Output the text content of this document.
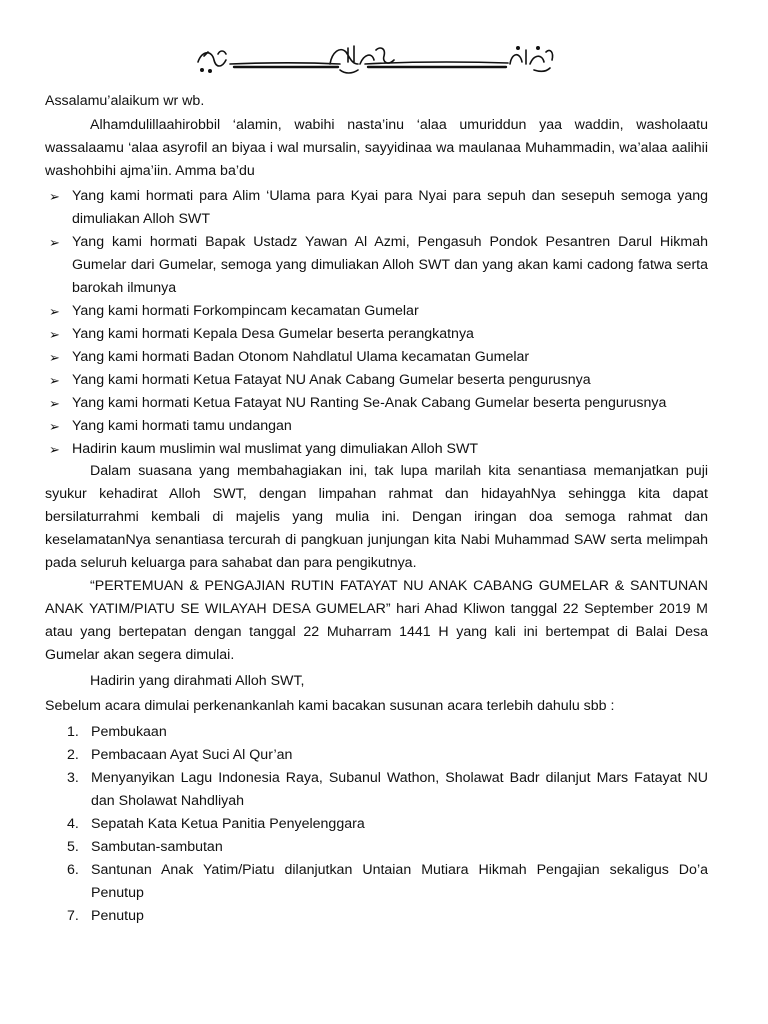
Assalamu’alaikum wr wb.
Alhamdulillaahirobbil ‘alamin, wabihi nasta’inu ‘alaa umuriddun yaa waddin, washolaatu wassalaamu ‘alaa asyrofil an biyaa i wal mursalin, sayyidinaa wa maulanaa Muhammadin, wa’alaa aalihii washohbihi ajma’iin. Amma ba’du
➢ Yang kami hormati para Alim ‘Ulama para Kyai para Nyai para sepuh dan sesepuh semoga yang dimuliakan Alloh SWT
➢ Yang kami hormati Bapak Ustadz Yawan Al Azmi, Pengasuh Pondok Pesantren Darul Hikmah Gumelar dari Gumelar, semoga yang dimuliakan Alloh SWT dan yang akan kami cadong fatwa serta barokah ilmunya
➢ Yang kami hormati Forkompincam kecamatan Gumelar
➢ Yang kami hormati Kepala Desa Gumelar beserta perangkatnya
➢ Yang kami hormati Badan Otonom Nahdlatul Ulama kecamatan Gumelar
➢ Yang kami hormati Ketua Fatayat NU Anak Cabang Gumelar beserta pengurusnya
➢ Yang kami hormati Ketua Fatayat NU Ranting Se-Anak Cabang Gumelar beserta pengurusnya
➢ Yang kami hormati tamu undangan
➢ Hadirin kaum muslimin wal muslimat yang dimuliakan Alloh SWT
Dalam suasana yang membahagiakan ini, tak lupa marilah kita senantiasa memanjatkan puji syukur kehadirat Alloh SWT, dengan limpahan rahmat dan hidayahNya sehingga kita dapat bersilaturrahmi kembali di majelis yang mulia ini. Dengan iringan doa semoga rahmat dan keselamatanNya senantiasa tercurah di pangkuan junjungan kita Nabi Muhammad SAW serta melimpah pada seluruh keluarga para sahabat dan para pengikutnya.
“PERTEMUAN & PENGAJIAN RUTIN FATAYAT NU ANAK CABANG GUMELAR & SANTUNAN ANAK YATIM/PIATU SE WILAYAH DESA GUMELAR” hari Ahad Kliwon tanggal 22 September 2019 M atau yang bertepatan dengan tanggal 22 Muharram 1441 H yang kali ini bertempat di Balai Desa Gumelar akan segera dimulai.
Hadirin yang dirahmati Alloh SWT,
Sebelum acara dimulai perkenankanlah kami bacakan susunan acara terlebih dahulu sbb :
1. Pembukaan
2. Pembacaan Ayat Suci Al Qur’an
3. Menyanyikan Lagu Indonesia Raya, Subanul Wathon, Sholawat Badr dilanjut Mars Fatayat NU dan Sholawat Nahdliyah
4. Sepatah Kata Ketua Panitia Penyelenggara
5. Sambutan-sambutan
6. Santunan Anak Yatim/Piatu dilanjutkan Untaian Mutiara Hikmah Pengajian sekaligus Do’a Penutup
7. Penutup
